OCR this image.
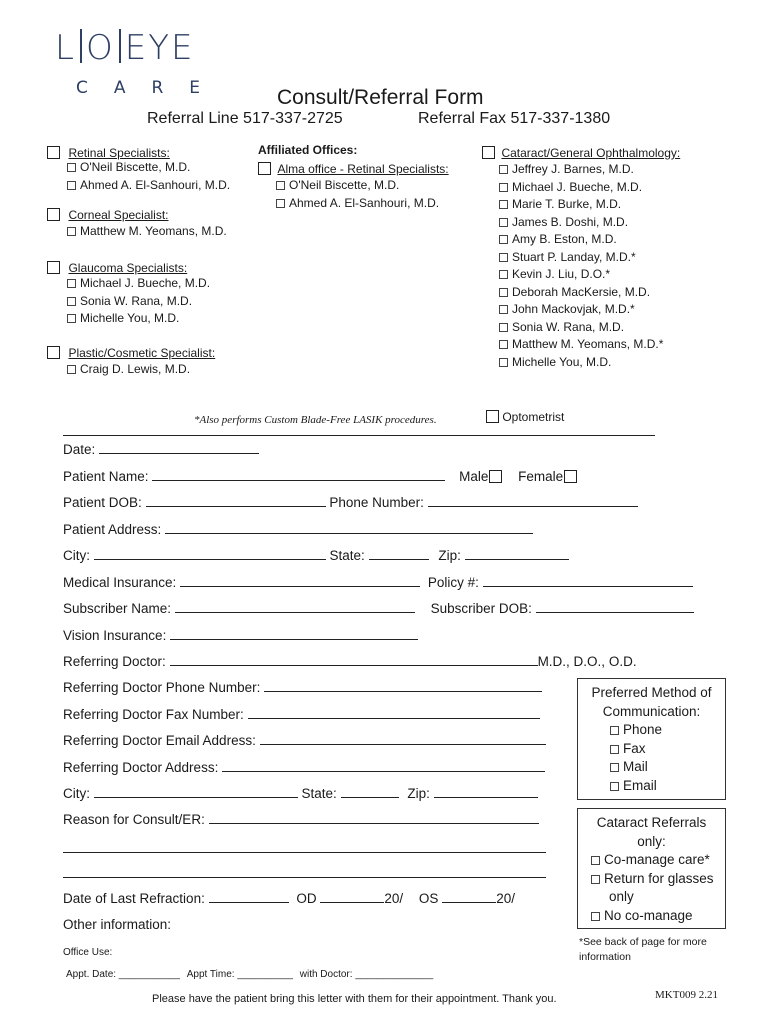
L O EYE
CARE Consult/Referral Form
Referral Line 517-337-2725	Referral Fax 517-337-1380
Retinal Specialists:
O'Neil Biscette, M.D.
Ahmed A. El-Sanhouri, M.D.
Corneal Specialist:
Matthew M. Yeomans, M.D.
Glaucoma Specialists:
Michael J. Bueche, M.D.
Sonia W. Rana, M.D.
Michelle You, M.D.
Plastic/Cosmetic Specialist:
Craig D. Lewis, M.D.
Affiliated Offices:
Alma office - Retinal Specialists:
O'Neil Biscette, M.D.
Ahmed A. El-Sanhouri, M.D.
Cataract/General Ophthalmology:
Jeffrey J. Barnes, M.D.
Michael J. Bueche, M.D.
Marie T. Burke, M.D.
James B. Doshi, M.D.
Amy B. Eston, M.D.
Stuart P. Landay, M.D.*
Kevin J. Liu, D.O.*
Deborah MacKersie, M.D.
John Mackovjak, M.D.*
Sonia W. Rana, M.D.
Matthew M. Yeomans, M.D.*
Michelle You, M.D.
*Also performs Custom Blade-Free LASIK procedures.	Optometrist
Date:
Patient Name:	Male Female
Patient DOB:	Phone Number:
Patient Address:
City:	State:	Zip:
Medical Insurance:	Policy #:
Subscriber Name:	Subscriber DOB:
Vision Insurance:
Referring Doctor:	M.D., D.O., O.D.
Referring Doctor Phone Number:
Referring Doctor Fax Number:
Referring Doctor Email Address:
Referring Doctor Address:
City:	State:	Zip:
Reason for Consult/ER:
Date of Last Refraction:	OD	20/ OS	20/
Other information:
Preferred Method of
Communication:
Phone
Fax
Mail
Email
Cataract Referrals
only:
Co-manage care*
Return for glasses
only
No co-manage
*See back of page for more
information
Office Use:
Appt. Date: ___________ Appt Time: __________ with Doctor: ______________
Please have the patient bring this letter with them for their appointment. Thank you.	MKT009 2.21
